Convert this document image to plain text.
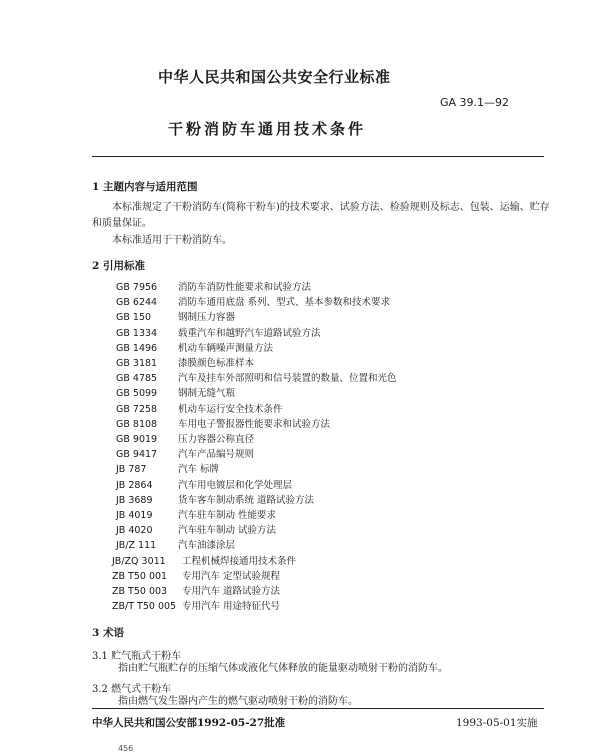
中华人民共和国公共安全行业标准
GA 39.1—92
干粉消防车通用技术条件
1 主题内容与适用范围
本标准规定了干粉消防车(简称干粉车)的技术要求、试验方法、检验规则及标志、包装、运输、贮存
和质量保证。
本标准适用于干粉消防车。
2 引用标准
GB 7956 消防车消防性能要求和试验方法
GB 6244 消防车通用底盘 系列、型式、基本参数和技术要求
GB 150	钢制压力容器
GB 1334 载重汽车和越野汽车道路试验方法
GB 1496 机动车辆噪声测量方法
GB 3181 漆膜颜色标准样本
GB 4785 汽车及挂车外部照明和信号装置的数量、位置和光色
GB 5099 钢制无缝气瓶
GB 7258 机动车运行安全技术条件
GB 8108 车用电子警报器性能要求和试验方法
GB 9019 压力容器公称直径
GB 9417 汽车产品编号规则
JB 787	汽车 标牌
JB 2864	汽车用电镀层和化学处理层
JB 3689	货车客车制动系统 道路试验方法
JB 4019	汽车驻车制动 性能要求
JB 4020	汽车驻车制动 试验方法
JB/Z 111 汽车油漆涂层
JB/ZQ 3011 工程机械焊接通用技术条件
ZB T50 001 专用汽车 定型试验规程
ZB T50 003 专用汽车 道路试验方法
ZB/T T50 005 专用汽车 用途特征代号
3 术语
3.1 贮气瓶式干粉车
指由贮气瓶贮存的压缩气体或液化气体释放的能量驱动喷射干粉的消防车。
3.2 燃气式干粉车
指由燃气发生器内产生的燃气驱动喷射干粉的消防车。
中华人民共和国公安部1992-05-27批准	1993-05-01实施
456
